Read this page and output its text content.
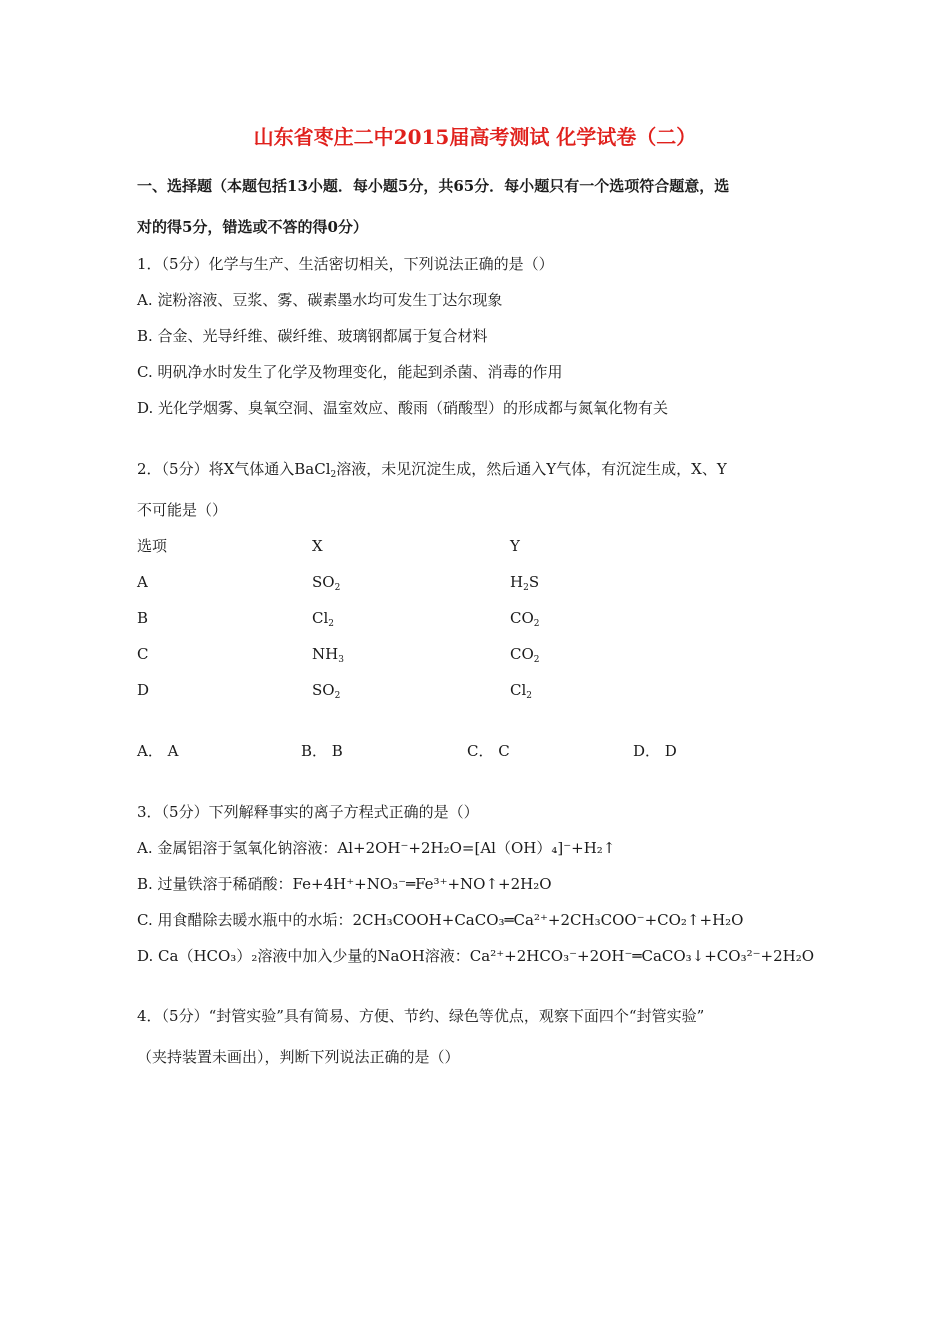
山东省枣庄二中2015届高考测试 化学试卷（二）
一、选择题（本题包括13小题．每小题5分，共65分．每小题只有一个选项符合题意，选
对的得5分，错选或不答的得0分）
1．（5分）化学与生产、生活密切相关，下列说法正确的是（）
A. 淀粉溶液、豆浆、雾、碳素墨水均可发生丁达尔现象
B. 合金、光导纤维、碳纤维、玻璃钢都属于复合材料
C. 明矾净水时发生了化学及物理变化，能起到杀菌、消毒的作用
D. 光化学烟雾、臭氧空洞、温室效应、酸雨（硝酸型）的形成都与氮氧化物有关
2．（5分）将X气体通入BaCl$_2$溶液，未见沉淀生成，然后通入Y气体，有沉淀生成，X、Y
不可能是（）
选项	X	Y
A	$SO_2$	$H_2S$
B	$Cl_2$	$CO_2$
C	$NH_3$	$CO_2$
D	$SO_2$	$Cl_2$
A． A	B． B	C． C	D． D
3．（5分）下列解释事实的离子方程式正确的是（）
A. 金属铝溶于氢氧化钠溶液：Al+2OH⁻+2H₂O=[Al（OH）₄]⁻+H₂↑
B. 过量铁溶于稀硝酸：Fe+4H⁺+NO₃⁻═Fe³⁺+NO↑+2H₂O
C. 用食醋除去暖水瓶中的水垢：2CH₃COOH+CaCO₃═Ca²⁺+2CH₃COO⁻+CO₂↑+H₂O
D. Ca（HCO₃）₂溶液中加入少量的NaOH溶液：Ca²⁺+2HCO₃⁻+2OH⁻═CaCO₃↓+CO₃²⁻+2H₂O
4．（5分）“封管实验”具有简易、方便、节约、绿色等优点，观察下面四个“封管实验”
（夹持装置未画出），判断下列说法正确的是（）
